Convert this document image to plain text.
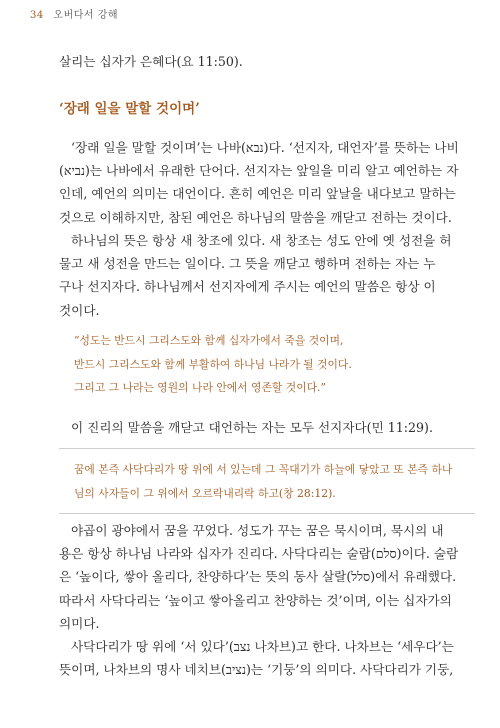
34 오버다서 강해
살리는 십자가 은혜다(요 11:50).
‘장래 일을 말할 것이며’
‘장래 일을 말할 것이며’는 나바(נבא)다. ‘선지자, 대언자’를 뜻하는 나비
(נביא)는 나바에서 유래한 단어다. 선지자는 앞일을 미리 알고 예언하는 자
인데, 예언의 의미는 대언이다. 흔히 예언은 미리 앞날을 내다보고 말하는
것으로 이해하지만, 참된 예언은 하나님의 말씀을 깨닫고 전하는 것이다.
하나님의 뜻은 항상 새 창조에 있다. 새 창조는 성도 안에 옛 성전을 허
물고 새 성전을 만드는 일이다. 그 뜻을 깨닫고 행하며 전하는 자는 누
구나 선지자다. 하나님께서 선지자에게 주시는 예언의 말씀은 항상 이
것이다.
“성도는 반드시 그리스도와 함께 십자가에서 죽을 것이며,
반드시 그리스도와 함께 부활하여 하나님 나라가 될 것이다.
그리고 그 나라는 영원의 나라 안에서 영존할 것이다.”
이 진리의 말씀을 깨닫고 대언하는 자는 모두 선지자다(민 11:29).
꿈에 본즉 사닥다리가 땅 위에 서 있는데 그 꼭대기가 하늘에 닿았고 또 본즉 하나
님의 사자들이 그 위에서 오르락내리락 하고(창 28:12).
야곱이 광야에서 꿈을 꾸었다. 성도가 꾸는 꿈은 묵시이며, 묵시의 내
용은 항상 하나님 나라와 십자가 진리다. 사닥다리는 술람(סלם)이다. 술람
은 ‘높이다, 쌓아 올리다, 찬양하다’는 뜻의 동사 살랄(סלל)에서 유래했다.
따라서 사닥다리는 ‘높이고 쌓아올리고 찬양하는 것’이며, 이는 십자가의
의미다.
사닥다리가 땅 위에 ‘서 있다’(נצב 나차브)고 한다. 나차브는 ‘세우다’는
뜻이며, 나차브의 명사 네치브(נציב)는 ‘기둥’의 의미다. 사닥다리가 기둥,
